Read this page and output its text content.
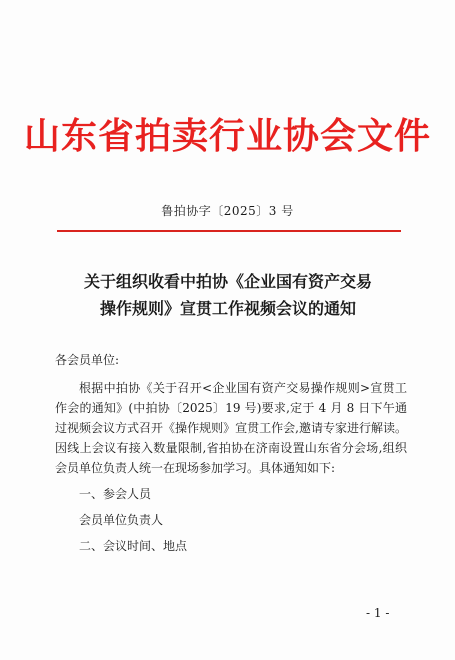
山东省拍卖行业协会文件
鲁拍协字〔2025〕3 号
关于组织收看中拍协《企业国有资产交易
操作规则》宣贯工作视频会议的通知
各会员单位:

根据中拍协《关于召开<企业国有资产交易操作规则>宣贯工作会的通知》(中拍协〔2025〕19 号)要求,定于 4 月 8 日下午通过视频会议方式召开《操作规则》宣贯工作会,邀请专家进行解读。因线上会议有接入数量限制,省拍协在济南设置山东省分会场,组织会员单位负责人统一在现场参加学习。具体通知如下:

一、参会人员
会员单位负责人
二、会议时间、地点
- 1 -
